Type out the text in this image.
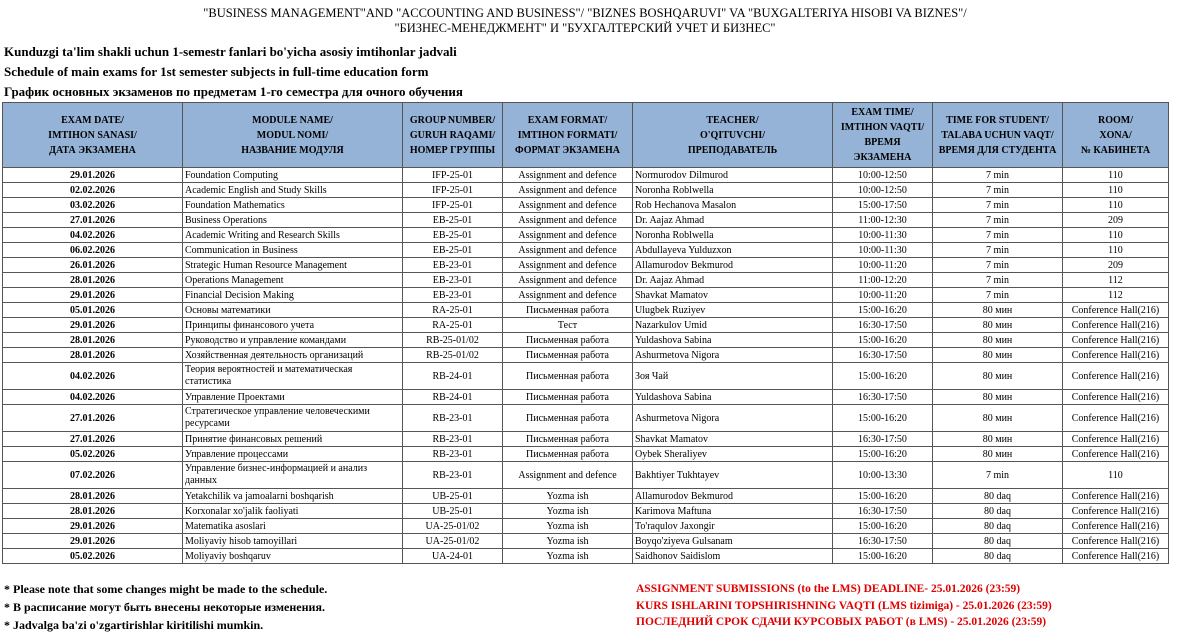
"BUSINESS MANAGEMENT"AND "ACCOUNTING AND BUSINESS"/ "BIZNES BOSHQARUVI" VA "BUXGALTERIYA HISOBI VA BIZNES"/
"БИЗНЕС-МЕНЕДЖМЕНТ" И "БУХГАЛТЕРСКИЙ УЧЕТ И БИЗНЕС"
Kunduzgi ta'lim shakli uchun 1-semestr fanlari bo'yicha asosiy imtihonlar jadvali
Schedule of main exams for 1st semester subjects in full-time education form
График основных экзаменов по предметам 1-го семестра для очного обучения
EXAM DATE/
IMTIHON SANASI/
ДАТА ЭКЗАМЕНА	MODULE NAME/
MODUL NOMI/
НАЗВАНИЕ МОДУЛЯ	GROUP NUMBER/
GURUH RAQAMI/
НОМЕР ГРУППЫ	EXAM FORMAT/
IMTIHON FORMATI/
ФОРМАТ ЭКЗАМЕНА	TEACHER/
O'QITUVCHI/
ПРЕПОДАВАТЕЛЬ	EXAM TIME/
IMTIHON VAQTI/
ВРЕМЯ
ЭКЗАМЕНА	TIME FOR STUDENT/
TALABA UCHUN VAQT/
ВРЕМЯ ДЛЯ СТУДЕНТА	ROOM/
XONA/
№ КАБИНЕТА

29.01.2026	Foundation Computing	IFP-25-01	Assignment and defence	Normurodov Dilmurod	10:00-12:50	7 min	110
02.02.2026	Academic English and Study Skills	IFP-25-01	Assignment and defence	Noronha Roblwella	10:00-12:50	7 min	110
03.02.2026	Foundation Mathematics	IFP-25-01	Assignment and defence	Rob Hechanova Masalon	15:00-17:50	7 min	110
27.01.2026	Business Operations	EB-25-01	Assignment and defence	Dr. Aajaz Ahmad	11:00-12:30	7 min	209
04.02.2026	Academic Writing and Research Skills	EB-25-01	Assignment and defence	Noronha Roblwella	10:00-11:30	7 min	110
06.02.2026	Communication in Business	EB-25-01	Assignment and defence	Abdullayeva Yulduzxon	10:00-11:30	7 min	110
26.01.2026	Strategic Human Resource Management	EB-23-01	Assignment and defence	Allamurodov Bekmurod	10:00-11:20	7 min	209
28.01.2026	Operations Management	EB-23-01	Assignment and defence	Dr. Aajaz Ahmad	11:00-12:20	7 min	112
29.01.2026	Financial Decision Making	EB-23-01	Assignment and defence	Shavkat Mamatov	10:00-11:20	7 min	112
05.01.2026	Основы математики	RA-25-01	Письменная работа	Ulugbek Ruziyev	15:00-16:20	80 мин	Conference Hall(216)
29.01.2026	Принципы финансового учета	RA-25-01	Тест	Nazarkulov Umid	16:30-17:50	80 мин	Conference Hall(216)
28.01.2026	Руководство и управление командами	RB-25-01/02	Письменная работа	Yuldashova Sabina	15:00-16:20	80 мин	Conference Hall(216)
28.01.2026	Хозяйственная деятельность организаций	RB-25-01/02	Письменная работа	Ashurmetova Nigora	16:30-17:50	80 мин	Conference Hall(216)
04.02.2026	Теория вероятностей и математическая статистика	RB-24-01	Письменная работа	Зоя Чай	15:00-16:20	80 мин	Conference Hall(216)
04.02.2026	Управление Проектами	RB-24-01	Письменная работа	Yuldashova Sabina	16:30-17:50	80 мин	Conference Hall(216)
27.01.2026	Стратегическое управление человеческими ресурсами	RB-23-01	Письменная работа	Ashurmetova Nigora	15:00-16:20	80 мин	Conference Hall(216)
27.01.2026	Принятие финансовых решений	RB-23-01	Письменная работа	Shavkat Mamatov	16:30-17:50	80 мин	Conference Hall(216)
05.02.2026	Управление процессами	RB-23-01	Письменная работа	Oybek Sheraliyev	15:00-16:20	80 мин	Conference Hall(216)
07.02.2026	Управление бизнес-информацией и анализ данных	RB-23-01	Assignment and defence	Bakhtiyer Tukhtayev	10:00-13:30	7 min	110
28.01.2026	Yetakchilik va jamoalarni boshqarish	UB-25-01	Yozma ish	Allamurodov Bekmurod	15:00-16:20	80 daq	Conference Hall(216)
28.01.2026	Korxonalar xo'jalik faoliyati	UB-25-01	Yozma ish	Karimova Maftuna	16:30-17:50	80 daq	Conference Hall(216)
29.01.2026	Matematika asoslari	UA-25-01/02	Yozma ish	To'raqulov Jaxongir	15:00-16:20	80 daq	Conference Hall(216)
29.01.2026	Moliyaviy hisob tamoyillari	UA-25-01/02	Yozma ish	Boyqo'ziyeva Gulsanam	16:30-17:50	80 daq	Conference Hall(216)
05.02.2026	Moliyaviy boshqaruv	UA-24-01	Yozma ish	Saidhonov Saidislom	15:00-16:20	80 daq	Conference Hall(216)
* Please note that some changes might be made to the schedule.
* В расписание могут быть внесены некоторые изменения.
* Jadvalga ba'zi o'zgartirishlar kiritilishi mumkin.
ASSIGNMENT SUBMISSIONS (to the LMS) DEADLINE- 25.01.2026 (23:59)
KURS ISHLARINI TOPSHIRISHNING VAQTI (LMS tizimiga) - 25.01.2026 (23:59)
ПОСЛЕДНИЙ СРОК СДАЧИ КУРСОВЫХ РАБОТ (в LMS) - 25.01.2026 (23:59)
